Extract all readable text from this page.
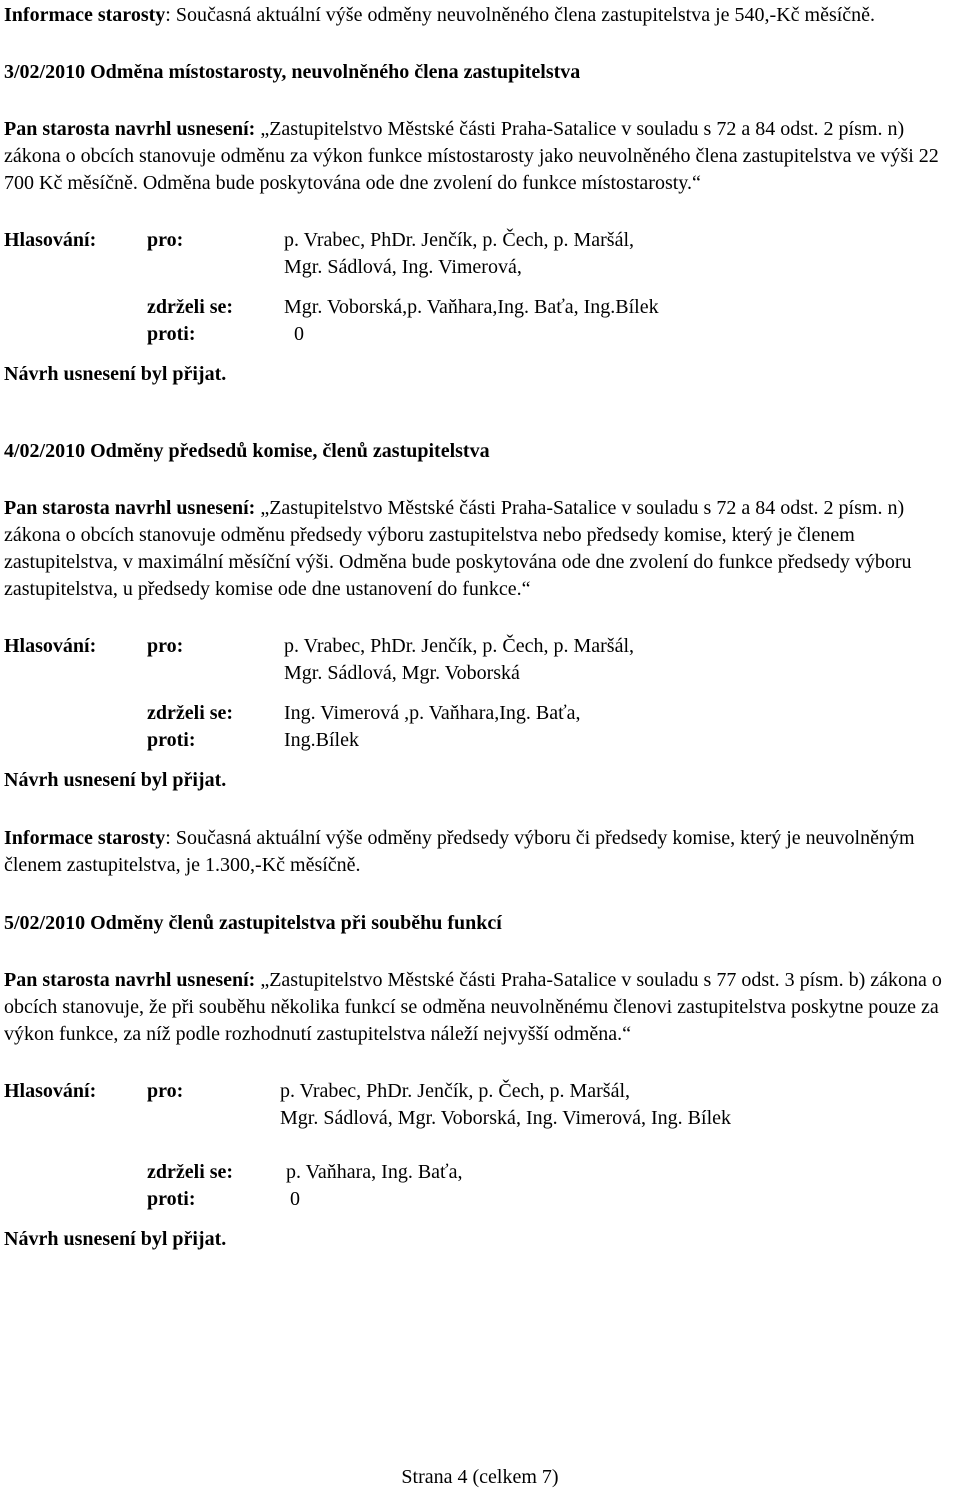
Informace starosty: Současná aktuální výše odměny neuvolněného člena zastupitelstva je 540,-Kč měsíčně.

3/02/2010 Odměna místostarosty, neuvolněného člena zastupitelstva

Pan starosta navrhl usnesení: „Zastupitelstvo Městské části Praha-Satalice v souladu s 72 a 84 odst. 2 písm. n) zákona o obcích stanovuje odměnu za výkon funkce místostarosty jako neuvolněného člena zastupitelstva ve výši 22 700 Kč měsíčně. Odměna bude poskytována ode dne zvolení do funkce místostarosty.“

Hlasování:	pro:	p. Vrabec, PhDr. Jenčík, p. Čech, p. Maršál,
Mgr. Sádlová, Ing. Vimerová,
zdrželi se:	Mgr. Voborská,p. Vaňhara,Ing. Baťa, Ing.Bílek
proti:	0

Návrh usnesení byl přijat.

4/02/2010 Odměny předsedů komise, členů zastupitelstva

Pan starosta navrhl usnesení: „Zastupitelstvo Městské části Praha-Satalice v souladu s 72 a 84 odst. 2 písm. n) zákona o obcích stanovuje odměnu předsedy výboru zastupitelstva nebo předsedy komise, který je členem zastupitelstva, v maximální měsíční výši. Odměna bude poskytována ode dne zvolení do funkce předsedy výboru zastupitelstva, u předsedy komise ode dne ustanovení do funkce.“

Hlasování:	pro:	p. Vrabec, PhDr. Jenčík, p. Čech, p. Maršál,
Mgr. Sádlová, Mgr. Voborská
zdrželi se:	Ing. Vimerová ,p. Vaňhara,Ing. Baťa,
proti:	Ing.Bílek

Návrh usnesení byl přijat.

Informace starosty: Současná aktuální výše odměny předsedy výboru či předsedy komise, který je neuvolněným členem zastupitelstva, je 1.300,-Kč měsíčně.

5/02/2010 Odměny členů zastupitelstva při souběhu funkcí

Pan starosta navrhl usnesení: „Zastupitelstvo Městské části Praha-Satalice v souladu s 77 odst. 3 písm. b) zákona o obcích stanovuje, že při souběhu několika funkcí se odměna neuvolněnému členovi zastupitelstva poskytne pouze za výkon funkce, za níž podle rozhodnutí zastupitelstva náleží nejvyšší odměna.“

Hlasování:	pro:	p. Vrabec, PhDr. Jenčík, p. Čech, p. Maršál,
Mgr. Sádlová, Mgr. Voborská, Ing. Vimerová, Ing. Bílek
zdrželi se:	p. Vaňhara, Ing. Baťa,
proti:	0

Návrh usnesení byl přijat.

Strana 4 (celkem 7)
